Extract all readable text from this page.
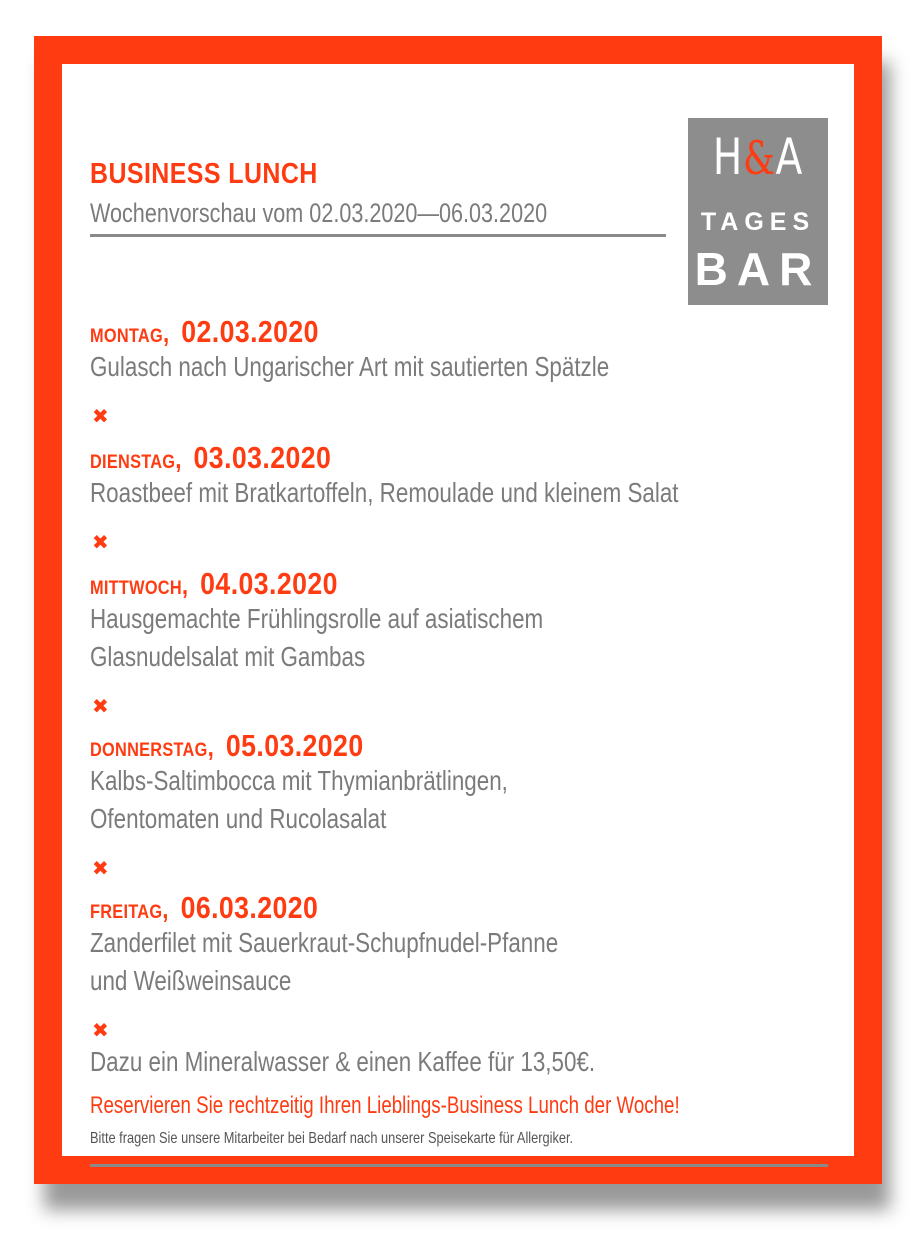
BUSINESS LUNCH
Wochenvorschau vom 02.03.2020—06.03.2020
H&A
TAGES
BAR
MONTAG, 02.03.2020
Gulasch nach Ungarischer Art mit sautierten Spätzle
✖
DIENSTAG, 03.03.2020
Roastbeef mit Bratkartoffeln, Remoulade und kleinem Salat
✖
MITTWOCH, 04.03.2020
Hausgemachte Frühlingsrolle auf asiatischem
Glasnudelsalat mit Gambas
✖
DONNERSTAG, 05.03.2020
Kalbs-Saltimbocca mit Thymianbrätlingen,
Ofentomaten und Rucolasalat
✖
FREITAG, 06.03.2020
Zanderfilet mit Sauerkraut-Schupfnudel-Pfanne
und Weißweinsauce
✖
Dazu ein Mineralwasser & einen Kaffee für 13,50€.
Reservieren Sie rechtzeitig Ihren Lieblings-Business Lunch der Woche!
Bitte fragen Sie unsere Mitarbeiter bei Bedarf nach unserer Speisekarte für Allergiker.
